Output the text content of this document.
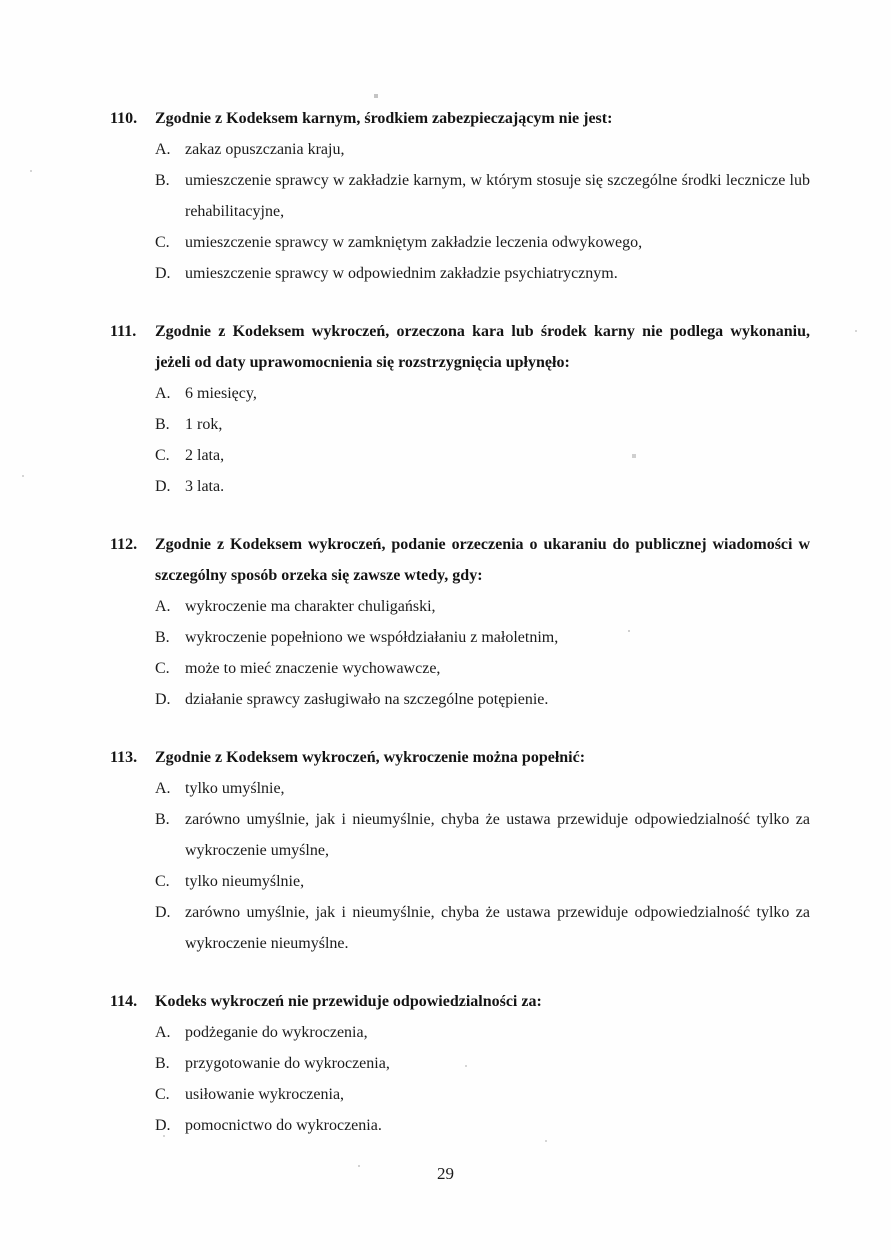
110.	Zgodnie z Kodeksem karnym, środkiem zabezpieczającym nie jest:
A. zakaz opuszczania kraju,
B. umieszczenie sprawcy w zakładzie karnym, w którym stosuje się szczególne środki lecznicze lub rehabilitacyjne,
C. umieszczenie sprawcy w zamkniętym zakładzie leczenia odwykowego,
D. umieszczenie sprawcy w odpowiednim zakładzie psychiatrycznym.
111.	Zgodnie z Kodeksem wykroczeń, orzeczona kara lub środek karny nie podlega wykonaniu, jeżeli od daty uprawomocnienia się rozstrzygnięcia upłynęło:
A. 6 miesięcy,
B. 1 rok,
C. 2 lata,
D. 3 lata.
112.	Zgodnie z Kodeksem wykroczeń, podanie orzeczenia o ukaraniu do publicznej wiadomości w szczególny sposób orzeka się zawsze wtedy, gdy:
A. wykroczenie ma charakter chuligański,
B. wykroczenie popełniono we współdziałaniu z małoletnim,
C. może to mieć znaczenie wychowawcze,
D. działanie sprawcy zasługiwało na szczególne potępienie.
113.	Zgodnie z Kodeksem wykroczeń, wykroczenie można popełnić:
A. tylko umyślnie,
B. zarówno umyślnie, jak i nieumyślnie, chyba że ustawa przewiduje odpowiedzialność tylko za wykroczenie umyślne,
C. tylko nieumyślnie,
D. zarówno umyślnie, jak i nieumyślnie, chyba że ustawa przewiduje odpowiedzialność tylko za wykroczenie nieumyślne.
114.	Kodeks wykroczeń nie przewiduje odpowiedzialności za:
A. podżeganie do wykroczenia,
B. przygotowanie do wykroczenia,
C. usiłowanie wykroczenia,
D. pomocnictwo do wykroczenia.
29
